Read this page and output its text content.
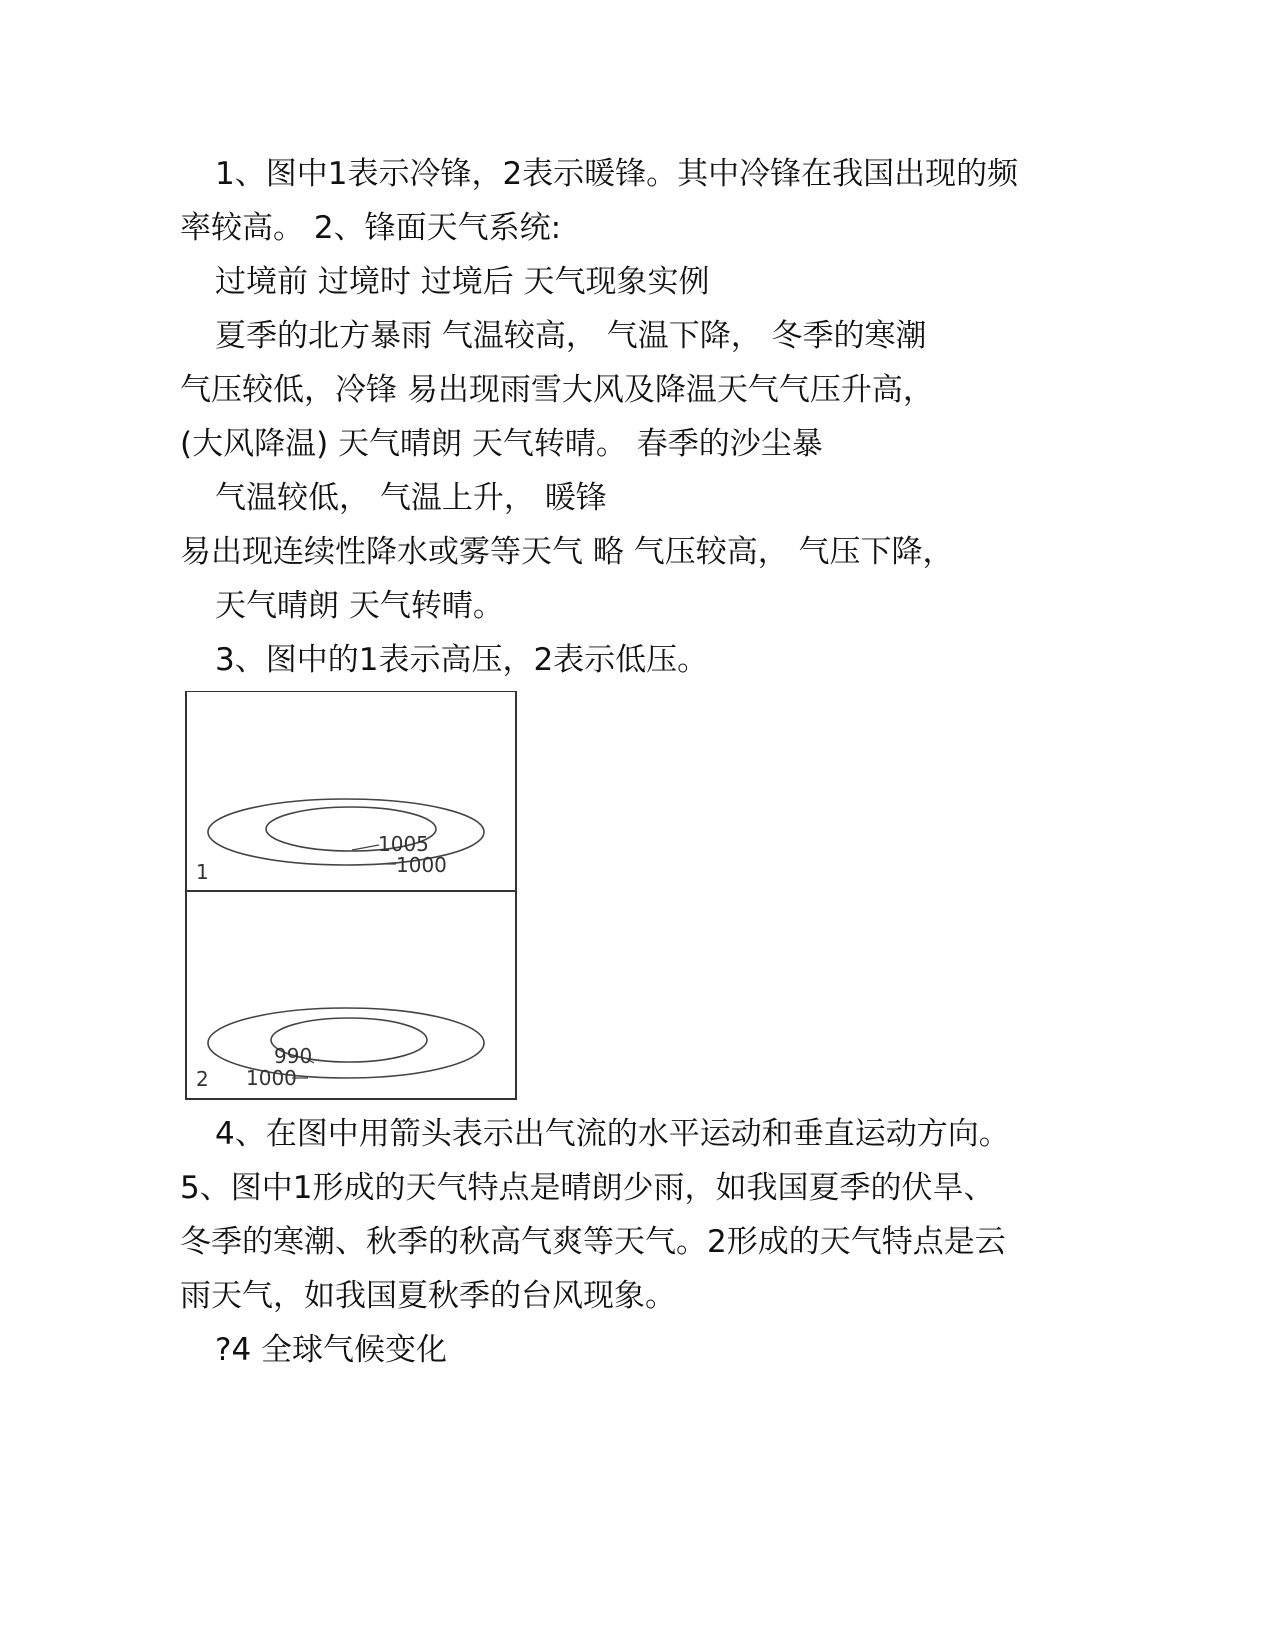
1、图中1表示冷锋，2表示暖锋。其中冷锋在我国出现的频
率较高。 2、锋面天气系统:
过境前 过境时 过境后 天气现象实例
夏季的北方暴雨 气温较高， 气温下降， 冬季的寒潮
气压较低，冷锋 易出现雨雪大风及降温天气气压升高，
(大风降温) 天气晴朗 天气转晴。 春季的沙尘暴
气温较低， 气温上升， 暖锋
易出现连续性降水或雾等天气 略 气压较高， 气压下降，
天气晴朗 天气转晴。
3、图中的1表示高压，2表示低压。
1005
1000
1
990
1000
2
4、在图中用箭头表示出气流的水平运动和垂直运动方向。
5、图中1形成的天气特点是晴朗少雨，如我国夏季的伏旱、
冬季的寒潮、秋季的秋高气爽等天气。2形成的天气特点是云
雨天气，如我国夏秋季的台风现象。
?4 全球气候变化
